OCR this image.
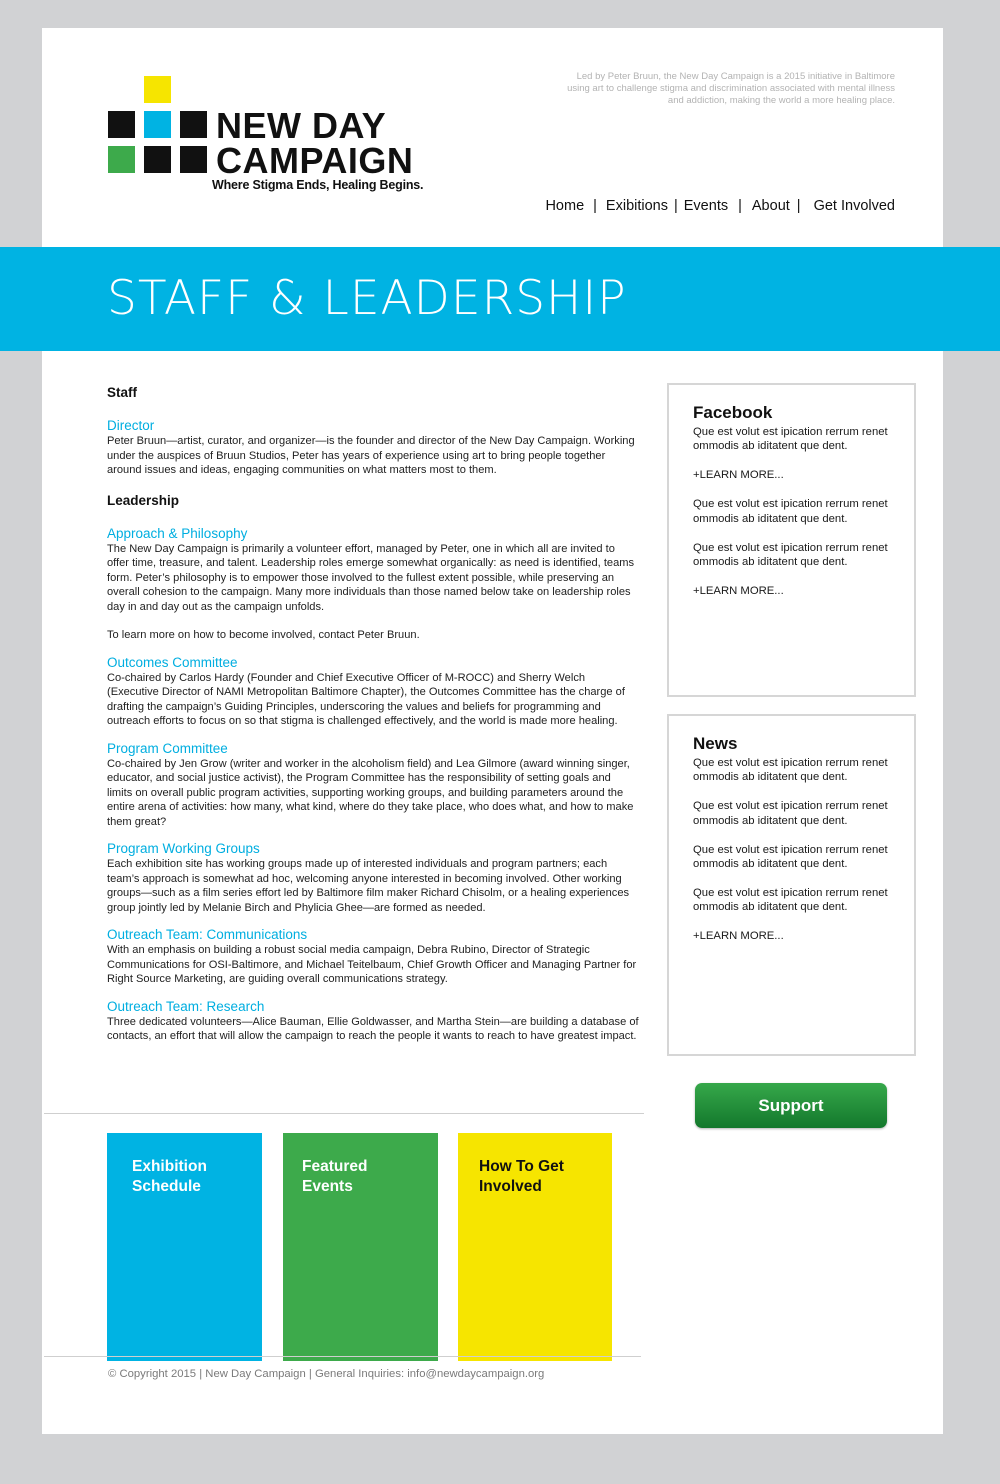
NEW DAY
CAMPAIGN
Where Stigma Ends, Healing Begins.
Led by Peter Bruun, the New Day Campaign is a 2015 initiative in Baltimore using art to challenge stigma and discrimination associated with mental illness and addiction, making the world a more healing place.
Home | Exibitions | Events | About | Get Involved
STAFF & LEADERSHIP
Staff
Director

Peter Bruun—artist, curator, and organizer—is the founder and director of the New Day Campaign. Working under the auspices of Bruun Studios, Peter has years of experience using art to bring people together around issues and ideas, engaging communities on what matters most to them.

Leadership
Approach & Philosophy

The New Day Campaign is primarily a volunteer effort, managed by Peter, one in which all are invited to offer time, treasure, and talent. Leadership roles emerge somewhat organically: as need is identified, teams form. Peter’s philosophy is to empower those involved to the fullest extent possible, while preserving an overall cohesion to the campaign. Many more individuals than those named below take on leadership roles day in and day out as the campaign unfolds.

To learn more on how to become involved, contact Peter Bruun.

Outcomes Committee

Co-chaired by Carlos Hardy (Founder and Chief Executive Officer of M-ROCC) and Sherry Welch (Executive Director of NAMI Metropolitan Baltimore Chapter), the Outcomes Committee has the charge of drafting the campaign’s Guiding Principles, underscoring the values and beliefs for programming and outreach efforts to focus on so that stigma is challenged effectively, and the world is made more healing.

Program Committee

Co-chaired by Jen Grow (writer and worker in the alcoholism field) and Lea Gilmore (award winning singer, educator, and social justice activist), the Program Committee has the responsibility of setting goals and limits on overall public program activities, supporting working groups, and building parameters around the entire arena of activities: how many, what kind, where do they take place, who does what, and how to make them great?

Program Working Groups

Each exhibition site has working groups made up of interested individuals and program partners; each team’s approach is somewhat ad hoc, welcoming anyone interested in becoming involved. Other working groups—such as a film series effort led by Baltimore film maker Richard Chisolm, or a healing experiences group jointly led by Melanie Birch and Phylicia Ghee—are formed as needed.

Outreach Team: Communications

With an emphasis on building a robust social media campaign, Debra Rubino, Director of Strategic Communications for OSI-Baltimore, and Michael Teitelbaum, Chief Growth Officer and Managing Partner for Right Source Marketing, are guiding overall communications strategy.

Outreach Team: Research

Three dedicated volunteers—Alice Bauman, Ellie Goldwasser, and Martha Stein—are building a database of contacts, an effort that will allow the campaign to reach the people it wants to reach to have greatest impact.

Facebook

Que est volut est ipication rerrum renet ommodis ab iditatent que dent.

+LEARN MORE...

Que est volut est ipication rerrum renet ommodis ab iditatent que dent.

Que est volut est ipication rerrum renet ommodis ab iditatent que dent.

+LEARN MORE...

News

Que est volut est ipication rerrum renet ommodis ab iditatent que dent.

Que est volut est ipication rerrum renet ommodis ab iditatent que dent.

Que est volut est ipication rerrum renet ommodis ab iditatent que dent.

Que est volut est ipication rerrum renet ommodis ab iditatent que dent.

+LEARN MORE...

Support
Exhibition
Schedule
Featured
Events
How To Get
Involved
© Copyright 2015 | New Day Campaign | General Inquiries: info@newdaycampaign.org
